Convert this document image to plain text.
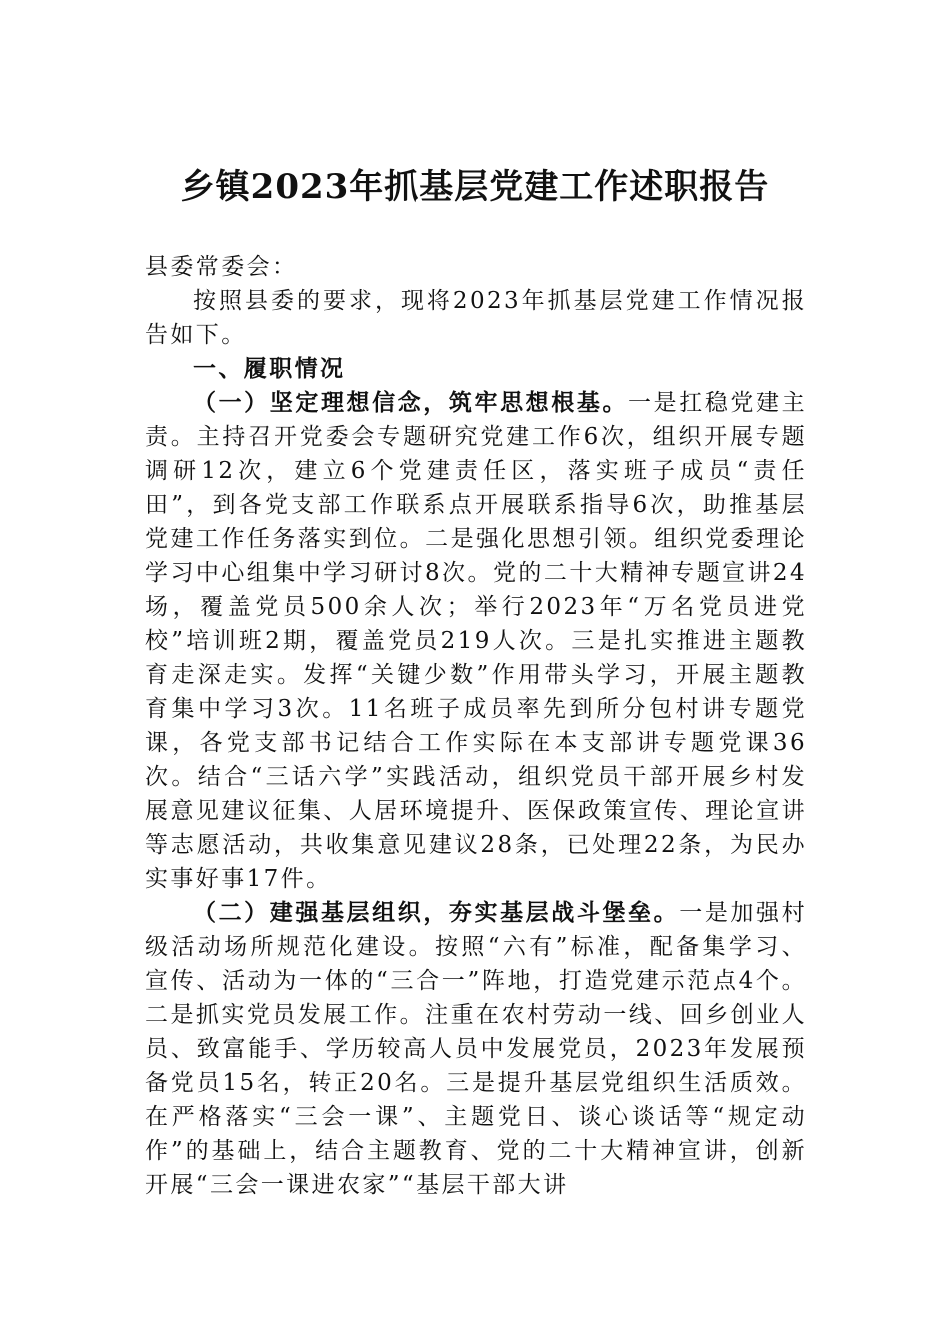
乡镇2023年抓基层党建工作述职报告

县委常委会：

按照县委的要求，现将2023年抓基层党建工作情况报告如下。

一、履职情况

（一）坚定理想信念，筑牢思想根基。一是扛稳党建主责。主持召开党委会专题研究党建工作6次，组织开展专题调研12次，建立6个党建责任区，落实班子成员“责任田”，到各党支部工作联系点开展联系指导6次，助推基层党建工作任务落实到位。二是强化思想引领。组织党委理论学习中心组集中学习研讨8次。党的二十大精神专题宣讲24场，覆盖党员500余人次；举行2023年“万名党员进党校”培训班2期，覆盖党员219人次。三是扎实推进主题教育走深走实。发挥“关键少数”作用带头学习，开展主题教育集中学习3次。11名班子成员率先到所分包村讲专题党课，各党支部书记结合工作实际在本支部讲专题党课36次。结合“三话六学”实践活动，组织党员干部开展乡村发展意见建议征集、人居环境提升、医保政策宣传、理论宣讲等志愿活动，共收集意见建议28条，已处理22条，为民办实事好事17件。

（二）建强基层组织，夯实基层战斗堡垒。一是加强村级活动场所规范化建设。按照“六有”标准，配备集学习、宣传、活动为一体的“三合一”阵地，打造党建示范点4个。二是抓实党员发展工作。注重在农村劳动一线、回乡创业人员、致富能手、学历较高人员中发展党员，2023年发展预备党员15名，转正20名。三是提升基层党组织生活质效。在严格落实“三会一课”、主题党日、谈心谈话等“规定动作”的基础上，结合主题教育、党的二十大精神宣讲，创新开展“三会一课进农家”“基层干部大讲
